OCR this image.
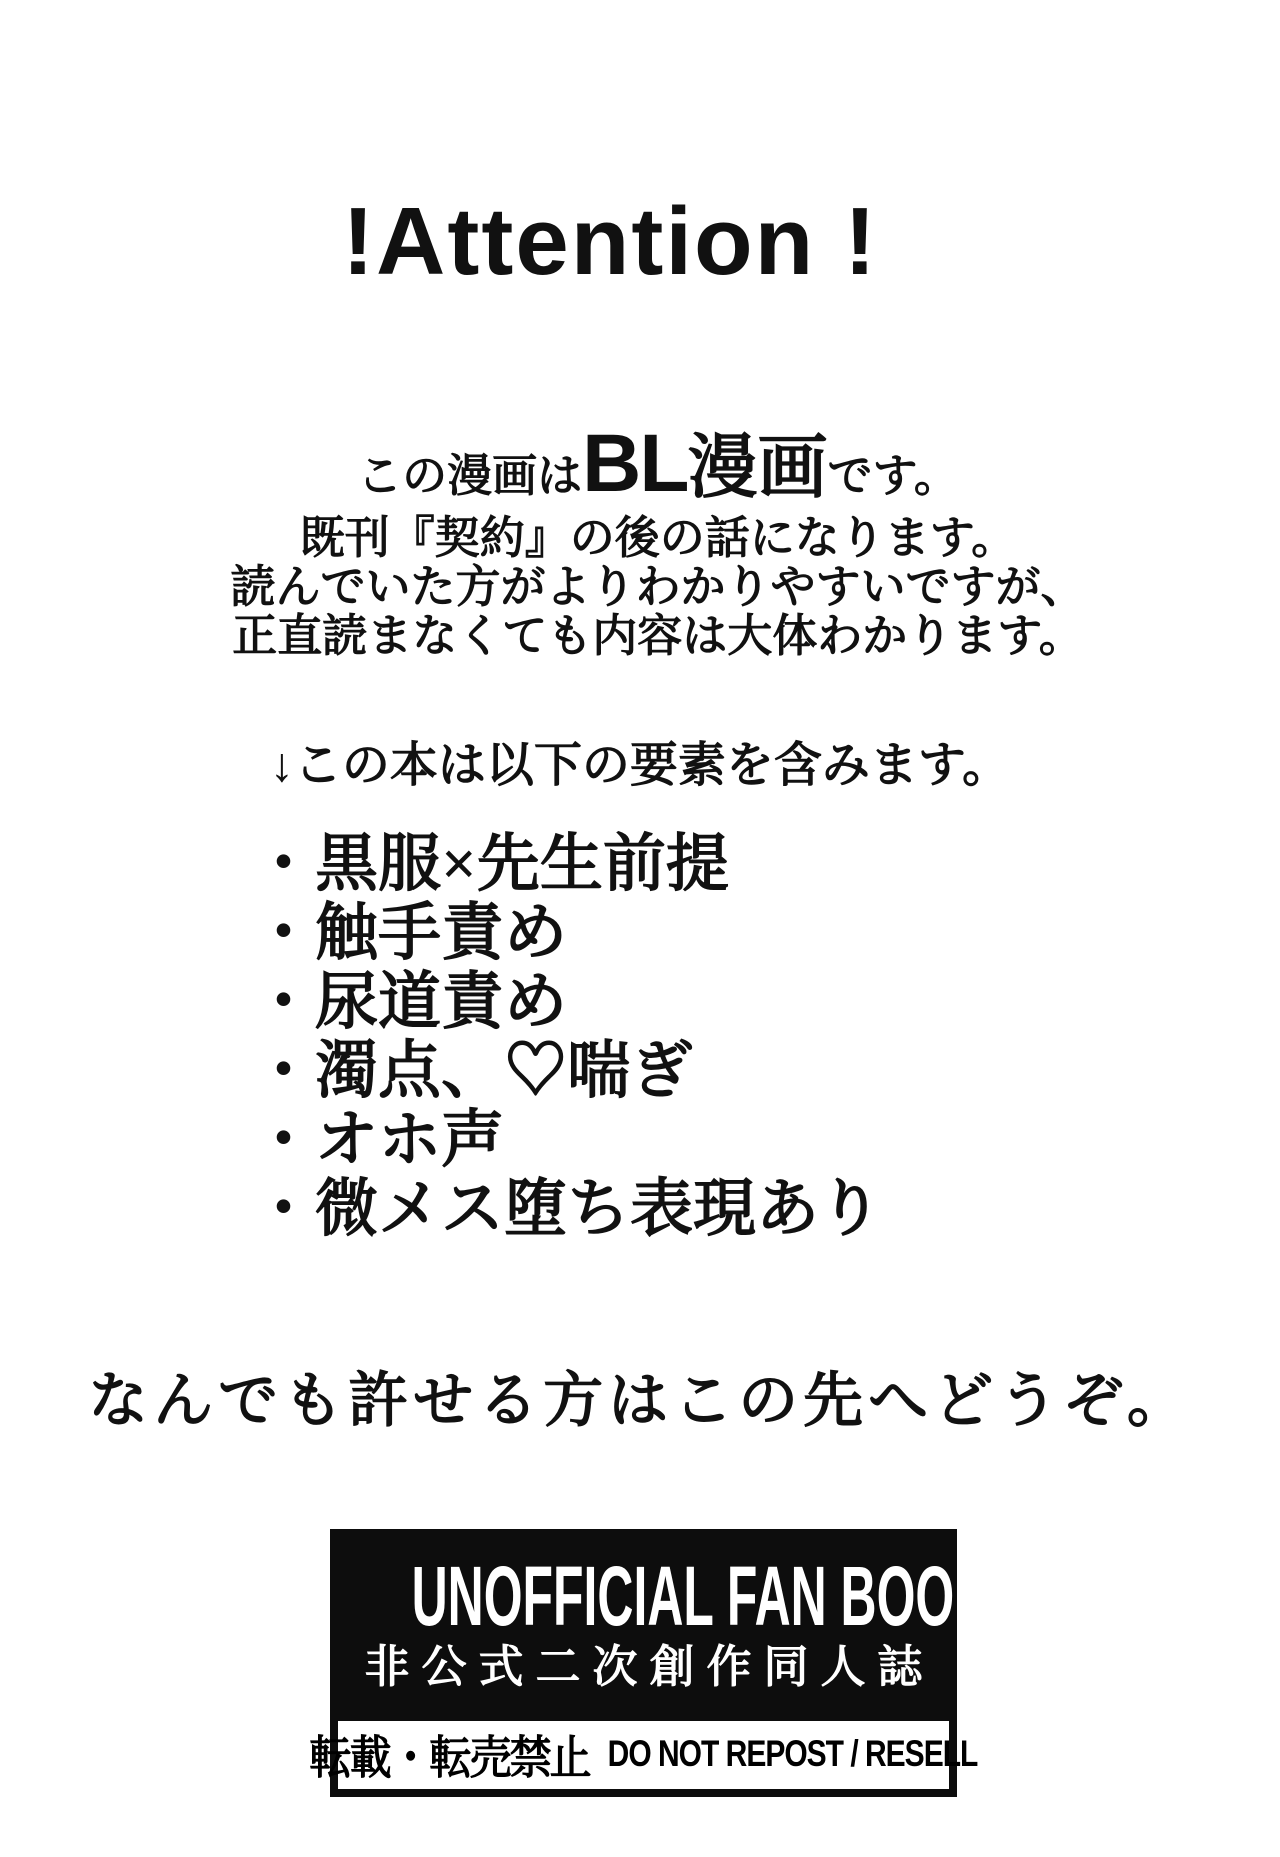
!Attention !
この漫画はBL漫画です。
既刊『契約』の後の話になります。
読んでいた方がよりわかりやすいですが、
正直読まなくても内容は大体わかります。
↓この本は以下の要素を含みます。
・黒服×先生前提
・触手責め
・尿道責め
・濁点、♡喘ぎ
・オホ声
・微メス堕ち表現あり
なんでも許せる方はこの先へどうぞ。
UNOFFICIAL FAN BOOK
非公式二次創作同人誌
転載・転売禁止 DO NOT REPOST / RESELL
